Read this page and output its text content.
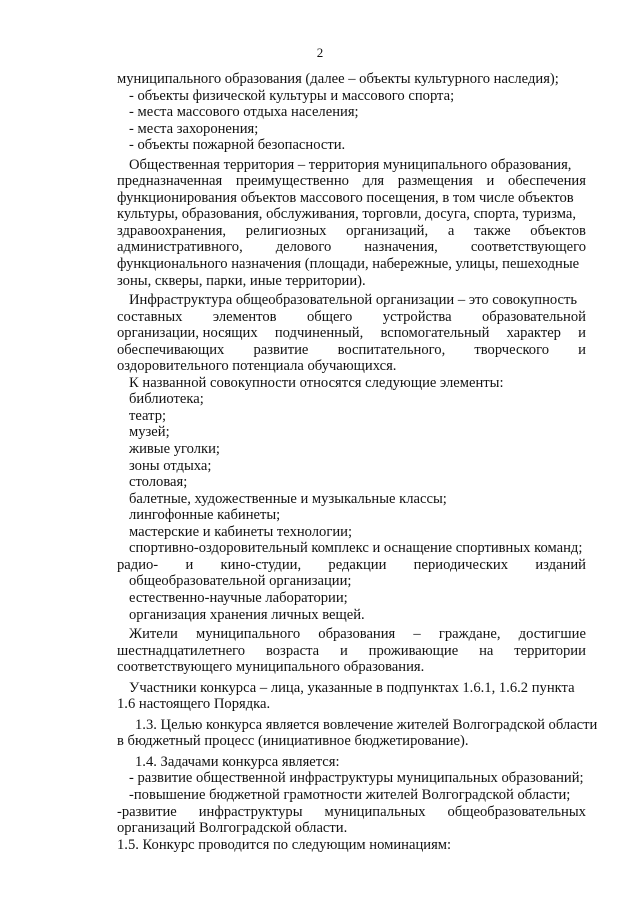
2
муниципального образования (далее – объекты культурного наследия);
- объекты физической культуры и массового спорта;
- места массового отдыха населения;
- места захоронения;
- объекты пожарной безопасности.
Общественная территория – территория муниципального образования,
предназначенная преимущественно для размещения и обеспечения
функционирования объектов массового посещения, в том числе объектов
культуры, образования, обслуживания, торговли, досуга, спорта, туризма,
здравоохранения, религиозных организаций, а также объектов
административного, делового назначения, соответствующего
функционального назначения (площади, набережные, улицы, пешеходные
зоны, скверы, парки, иные территории).
Инфраструктура общеобразовательной организации – это совокупность
составных элементов общего устройства образовательной
организации, носящих подчиненный, вспомогательный характер и
обеспечивающих развитие воспитательного, творческого и
оздоровительного потенциала обучающихся.
К названной совокупности относятся следующие элементы:
библиотека;
театр;
музей;
живые уголки;
зоны отдыха;
столовая;
балетные, художественные и музыкальные классы;
лингофонные кабинеты;
мастерские и кабинеты технологии;
спортивно-оздоровительный комплекс и оснащение спортивных команд;
радио- и кино-студии, редакции периодических изданий
общеобразовательной организации;
естественно-научные лаборатории;
организация хранения личных вещей.
Жители муниципального образования – граждане, достигшие
шестнадцатилетнего возраста и проживающие на территории
соответствующего муниципального образования.
Участники конкурса – лица, указанные в подпунктах 1.6.1, 1.6.2 пункта
1.6 настоящего Порядка.
1.3. Целью конкурса является вовлечение жителей Волгоградской области
в бюджетный процесс (инициативное бюджетирование).
1.4. Задачами конкурса является:
- развитие общественной инфраструктуры муниципальных образований;
-повышение бюджетной грамотности жителей Волгоградской области;
-развитие инфраструктуры муниципальных общеобразовательных
организаций Волгоградской области.
1.5. Конкурс проводится по следующим номинациям:
